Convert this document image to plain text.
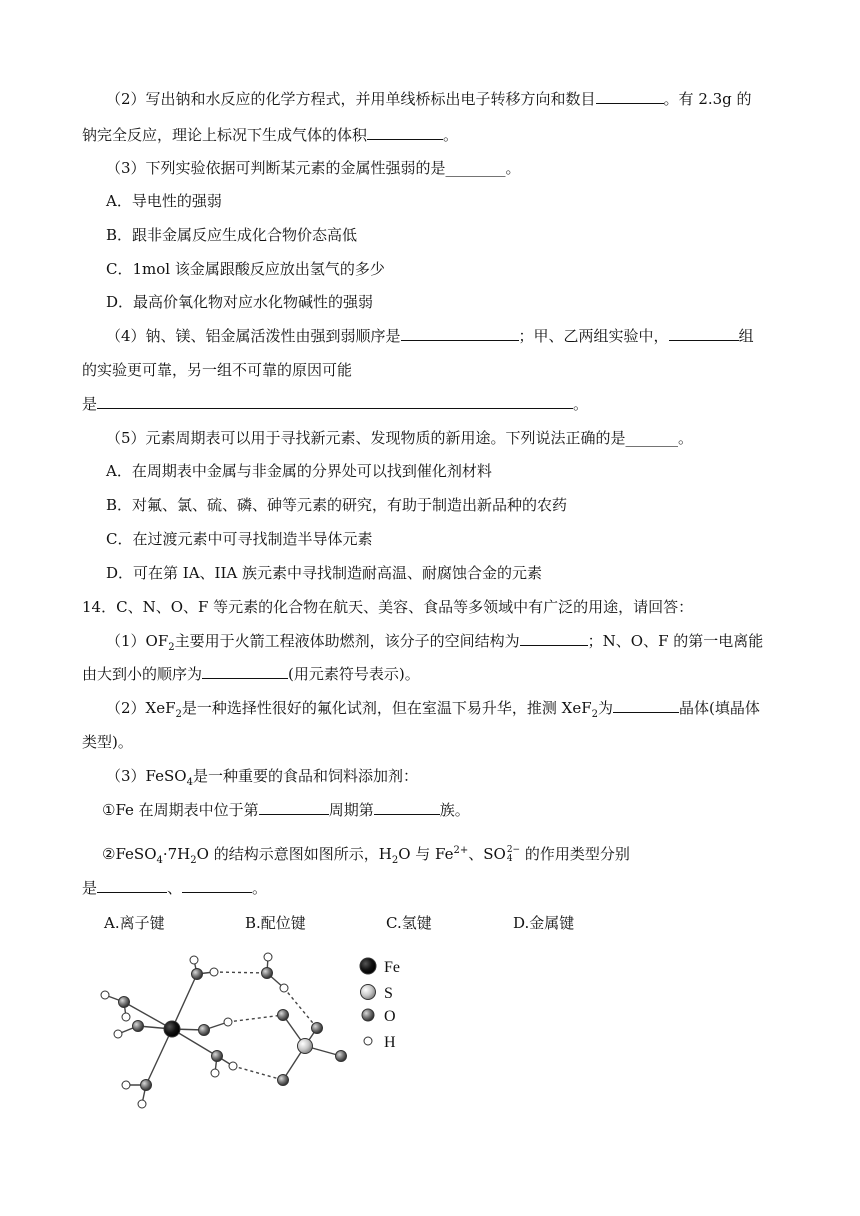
（2）写出钠和水反应的化学方程式，并用单线桥标出电子转移方向和数目	。有 2.3g 的
钠完全反应，理论上标况下生成气体的体积	。
（3）下列实验依据可判断某元素的金属性强弱的是________。
A．导电性的强弱
B．跟非金属反应生成化合物价态高低
C．1mol 该金属跟酸反应放出氢气的多少
D．最高价氧化物对应水化物碱性的强弱
（4）钠、镁、铝金属活泼性由强到弱顺序是	；甲、乙两组实验中，	组
的实验更可靠，另一组不可靠的原因可能
是	。
（5）元素周期表可以用于寻找新元素、发现物质的新用途。下列说法正确的是_______。
A．在周期表中金属与非金属的分界处可以找到催化剂材料
B．对氟、氯、硫、磷、砷等元素的研究，有助于制造出新品种的农药
C．在过渡元素中可寻找制造半导体元素
D．可在第 IA、IIA 族元素中寻找制造耐高温、耐腐蚀合金的元素
14．C、N、O、F 等元素的化合物在航天、美容、食品等多领域中有广泛的用途，请回答：
$(1)OF_2$主要用于火箭工程液体助燃剂，该分子的空间结构为	；N、O、F 的第一电离能
由大到小的顺序为	(用元素符号表示)。
（2）XeF$_2$是一种选择性很好的氟化试剂，但在室温下易升华，推测 XeF$_2$为	晶体(填晶体
类型)。
（3）FeSO$_4$是一种重要的食品和饲料添加剂：
①Fe 在周期表中位于第	周期第	族。
$②FeSO_4\cdot 7H_2O$ 的结构示意图如图所示，$H_2O$ 与 $Fe^{2+}$、SO 2−
4 的作用类型分别
是	、	。
A.离子键	B.配位键	C.氢键	D.金属键
Fe
S
O
H
